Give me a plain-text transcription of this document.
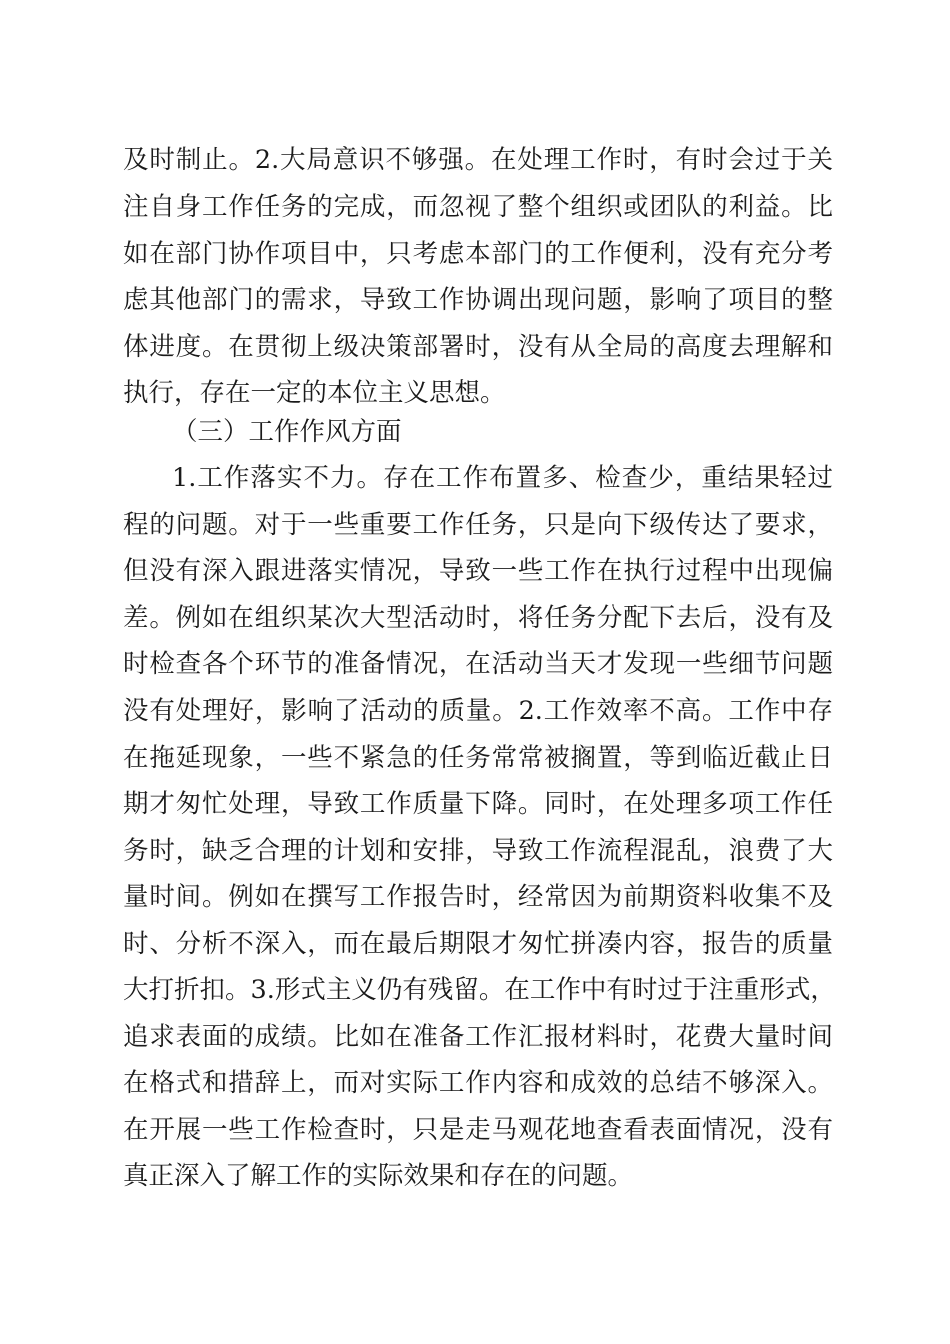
及时制止。2.大局意识不够强。在处理工作时，有时会过于关
注自身工作任务的完成，而忽视了整个组织或团队的利益。比
如在部门协作项目中，只考虑本部门的工作便利，没有充分考
虑其他部门的需求，导致工作协调出现问题，影响了项目的整
体进度。在贯彻上级决策部署时，没有从全局的高度去理解和
执行，存在一定的本位主义思想。
（三）工作作风方面
1.工作落实不力。存在工作布置多、检查少，重结果轻过
程的问题。对于一些重要工作任务，只是向下级传达了要求，
但没有深入跟进落实情况，导致一些工作在执行过程中出现偏
差。例如在组织某次大型活动时，将任务分配下去后，没有及
时检查各个环节的准备情况，在活动当天才发现一些细节问题
没有处理好，影响了活动的质量。2.工作效率不高。工作中存
在拖延现象，一些不紧急的任务常常被搁置，等到临近截止日
期才匆忙处理，导致工作质量下降。同时，在处理多项工作任
务时，缺乏合理的计划和安排，导致工作流程混乱，浪费了大
量时间。例如在撰写工作报告时，经常因为前期资料收集不及
时、分析不深入，而在最后期限才匆忙拼凑内容，报告的质量
大打折扣。3.形式主义仍有残留。在工作中有时过于注重形式，
追求表面的成绩。比如在准备工作汇报材料时，花费大量时间
在格式和措辞上，而对实际工作内容和成效的总结不够深入。
在开展一些工作检查时，只是走马观花地查看表面情况，没有
真正深入了解工作的实际效果和存在的问题。
